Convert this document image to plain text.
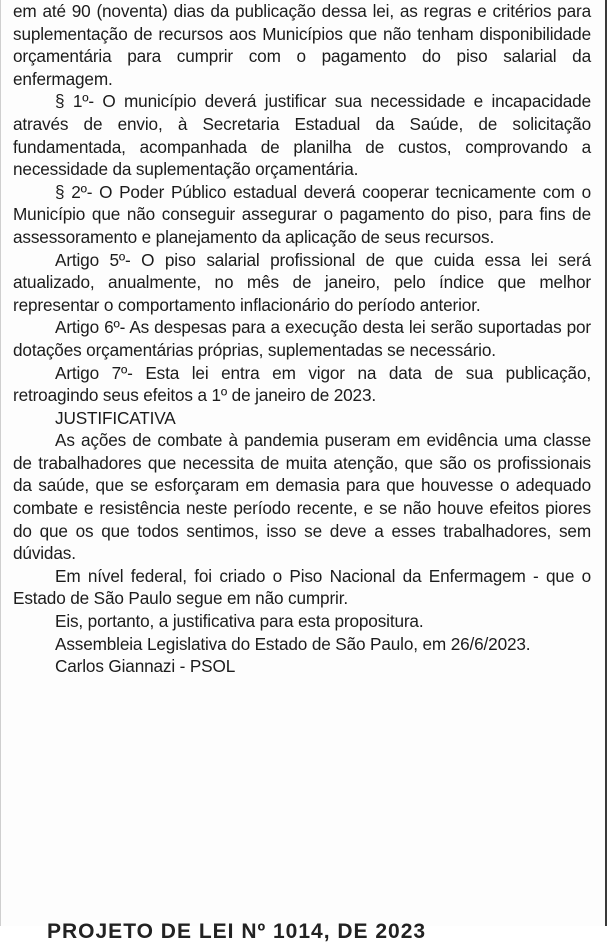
em até 90 (noventa) dias da publicação dessa lei, as regras e critérios para suplementação de recursos aos Municípios que não tenham disponibilidade orçamentária para cumprir com o pagamento do piso salarial da enfermagem.

§ 1º- O município deverá justificar sua necessidade e incapacidade através de envio, à Secretaria Estadual da Saúde, de solicitação fundamentada, acompanhada de planilha de custos, comprovando a necessidade da suplementação orçamentária.

§ 2º- O Poder Público estadual deverá cooperar tecnicamente com o Município que não conseguir assegurar o pagamento do piso, para fins de assessoramento e planejamento da aplicação de seus recursos.

Artigo 5º- O piso salarial profissional de que cuida essa lei será atualizado, anualmente, no mês de janeiro, pelo índice que melhor representar o comportamento inflacionário do período anterior.

Artigo 6º- As despesas para a execução desta lei serão suportadas por dotações orçamentárias próprias, suplementadas se necessário.

Artigo 7º- Esta lei entra em vigor na data de sua publicação, retroagindo seus efeitos a 1º de janeiro de 2023.

JUSTIFICATIVA

As ações de combate à pandemia puseram em evidência uma classe de trabalhadores que necessita de muita atenção, que são os profissionais da saúde, que se esforçaram em demasia para que houvesse o adequado combate e resistência neste período recente, e se não houve efeitos piores do que os que todos sentimos, isso se deve a esses trabalhadores, sem dúvidas.

Em nível federal, foi criado o Piso Nacional da Enfermagem - que o Estado de São Paulo segue em não cumprir.

Eis, portanto, a justificativa para esta propositura.

Assembleia Legislativa do Estado de São Paulo, em 26/6/2023.

Carlos Giannazi - PSOL

PROJETO DE LEI Nº 1014, DE 2023
